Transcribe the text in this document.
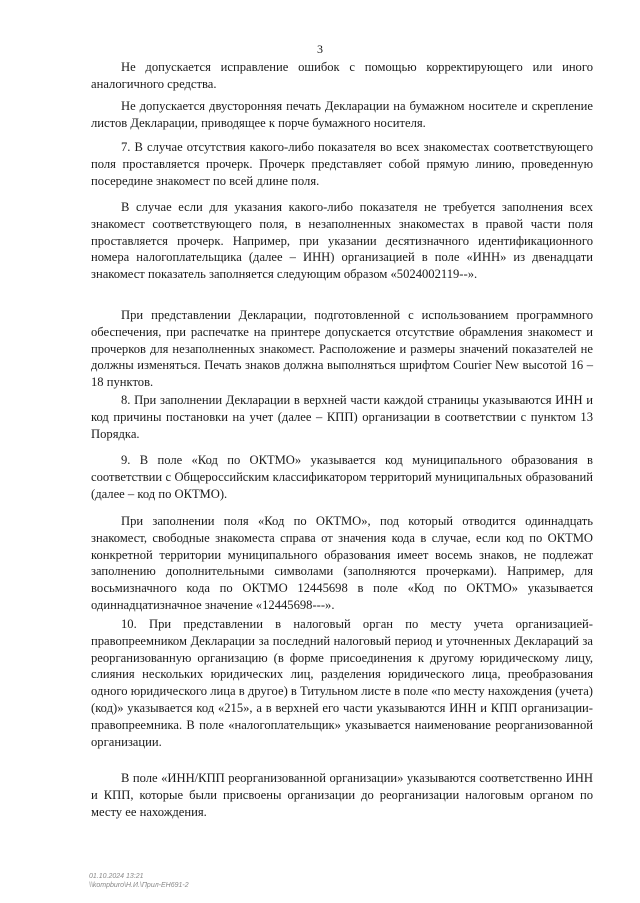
3

Не допускается исправление ошибок с помощью корректирующего или иного аналогичного средства.

Не допускается двусторонняя печать Декларации на бумажном носителе и скрепление листов Декларации, приводящее к порче бумажного носителя.

7. В случае отсутствия какого-либо показателя во всех знакоместах соответствующего поля проставляется прочерк. Прочерк представляет собой прямую линию, проведенную посередине знакомест по всей длине поля.

В случае если для указания какого-либо показателя не требуется заполнения всех знакомест соответствующего поля, в незаполненных знакоместах в правой части поля проставляется прочерк. Например, при указании десятизначного идентификационного номера налогоплательщика (далее – ИНН) организацией в поле «ИНН» из двенадцати знакомест показатель заполняется следующим образом «5024002119--».

При представлении Декларации, подготовленной с использованием программного обеспечения, при распечатке на принтере допускается отсутствие обрамления знакомест и прочерков для незаполненных знакомест. Расположение и размеры значений показателей не должны изменяться. Печать знаков должна выполняться шрифтом Courier New высотой 16 – 18 пунктов.

8. При заполнении Декларации в верхней части каждой страницы указываются ИНН и код причины постановки на учет (далее – КПП) организации в соответствии с пунктом 13 Порядка.

9. В поле «Код по ОКТМО» указывается код муниципального образования в соответствии с Общероссийским классификатором территорий муниципальных образований (далее – код по ОКТМО).

При заполнении поля «Код по ОКТМО», под который отводится одиннадцать знакомест, свободные знакоместа справа от значения кода в случае, если код по ОКТМО конкретной территории муниципального образования имеет восемь знаков, не подлежат заполнению дополнительными символами (заполняются прочерками). Например, для восьмизначного кода по ОКТМО 12445698 в поле «Код по ОКТМО» указывается одиннадцатизначное значение «12445698---».

10. При представлении в налоговый орган по месту учета организацией-правопреемником Декларации за последний налоговый период и уточненных Деклараций за реорганизованную организацию (в форме присоединения к другому юридическому лицу, слияния нескольких юридических лиц, разделения юридического лица, преобразования одного юридического лица в другое) в Титульном листе в поле «по месту нахождения (учета) (код)» указывается код «215», а в верхней его части указываются ИНН и КПП организации-правопреемника. В поле «налогоплательщик» указывается наименование реорганизованной организации.

В поле «ИНН/КПП реорганизованной организации» указываются соответственно ИНН и КПП, которые были присвоены организации до реорганизации налоговым органом по месту ее нахождения.

01.10.2024 13:21
\\kompburo\Н.И.\Прил-ЕН691-2
